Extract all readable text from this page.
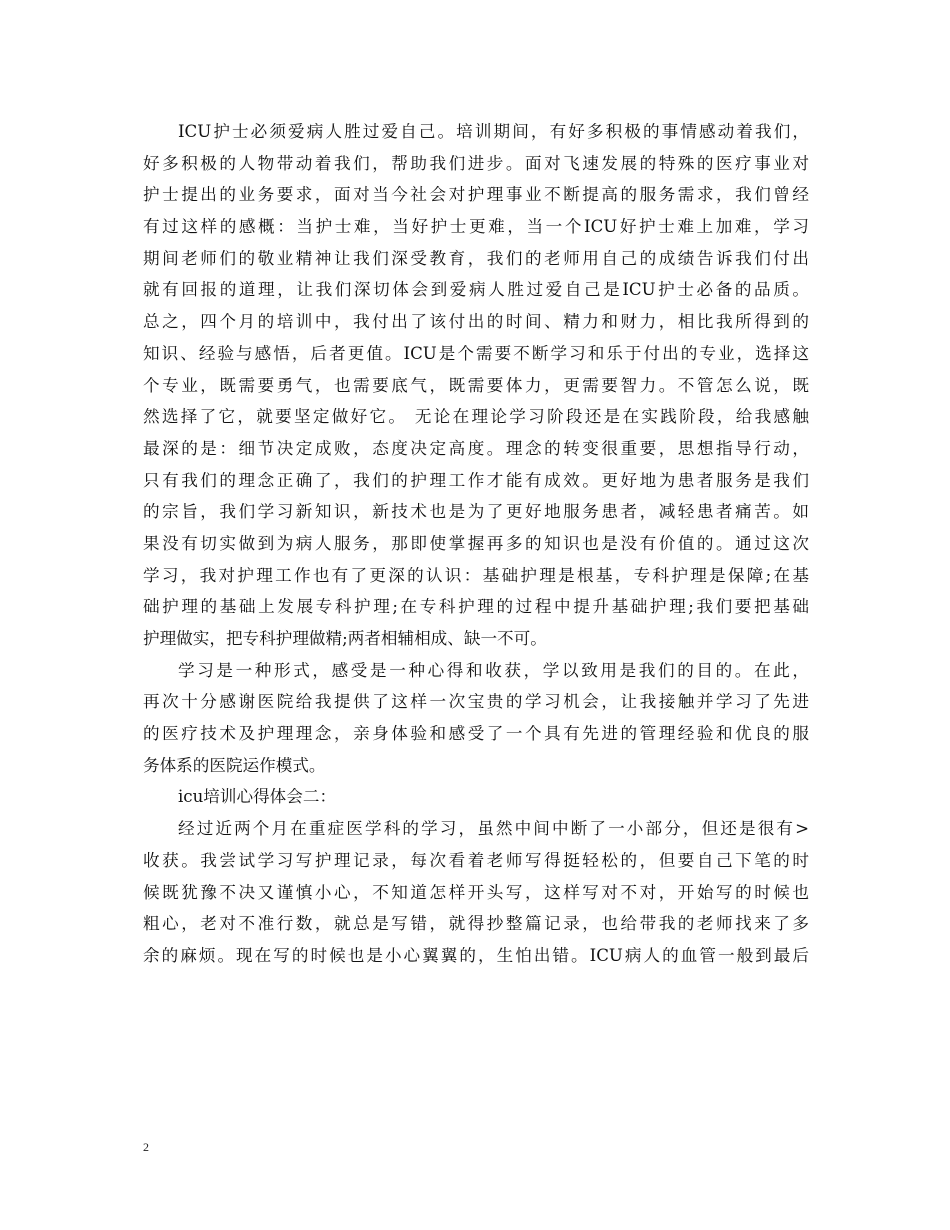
ICU护士必须爱病人胜过爱自己。培训期间，有好多积极的事情感动着我们，
好多积极的人物带动着我们，帮助我们进步。面对飞速发展的特殊的医疗事业对
护士提出的业务要求，面对当今社会对护理事业不断提高的服务需求，我们曾经
有过这样的感概：当护士难，当好护士更难，当一个ICU好护士难上加难，学习
期间老师们的敬业精神让我们深受教育，我们的老师用自己的成绩告诉我们付出
就有回报的道理，让我们深切体会到爱病人胜过爱自己是ICU护士必备的品质。
总之，四个月的培训中，我付出了该付出的时间、精力和财力，相比我所得到的
知识、经验与感悟，后者更值。ICU是个需要不断学习和乐于付出的专业，选择这
个专业，既需要勇气，也需要底气，既需要体力，更需要智力。不管怎么说，既
然选择了它，就要坚定做好它。 无论在理论学习阶段还是在实践阶段，给我感触
最深的是：细节决定成败，态度决定高度。理念的转变很重要，思想指导行动，
只有我们的理念正确了，我们的护理工作才能有成效。更好地为患者服务是我们
的宗旨，我们学习新知识，新技术也是为了更好地服务患者，减轻患者痛苦。如
果没有切实做到为病人服务，那即使掌握再多的知识也是没有价值的。通过这次
学习，我对护理工作也有了更深的认识：基础护理是根基，专科护理是保障;在基
础护理的基础上发展专科护理;在专科护理的过程中提升基础护理;我们要把基础
护理做实，把专科护理做精;两者相辅相成、缺一不可。
学习是一种形式，感受是一种心得和收获，学以致用是我们的目的。在此，
再次十分感谢医院给我提供了这样一次宝贵的学习机会，让我接触并学习了先进
的医疗技术及护理理念，亲身体验和感受了一个具有先进的管理经验和优良的服
务体系的医院运作模式。
icu培训心得体会二：
经过近两个月在重症医学科的学习，虽然中间中断了一小部分，但还是很有>
收获。我尝试学习写护理记录，每次看着老师写得挺轻松的，但要自己下笔的时
候既犹豫不决又谨慎小心，不知道怎样开头写，这样写对不对，开始写的时候也
粗心，老对不准行数，就总是写错，就得抄整篇记录，也给带我的老师找来了多
余的麻烦。现在写的时候也是小心翼翼的，生怕出错。ICU病人的血管一般到最后
2
